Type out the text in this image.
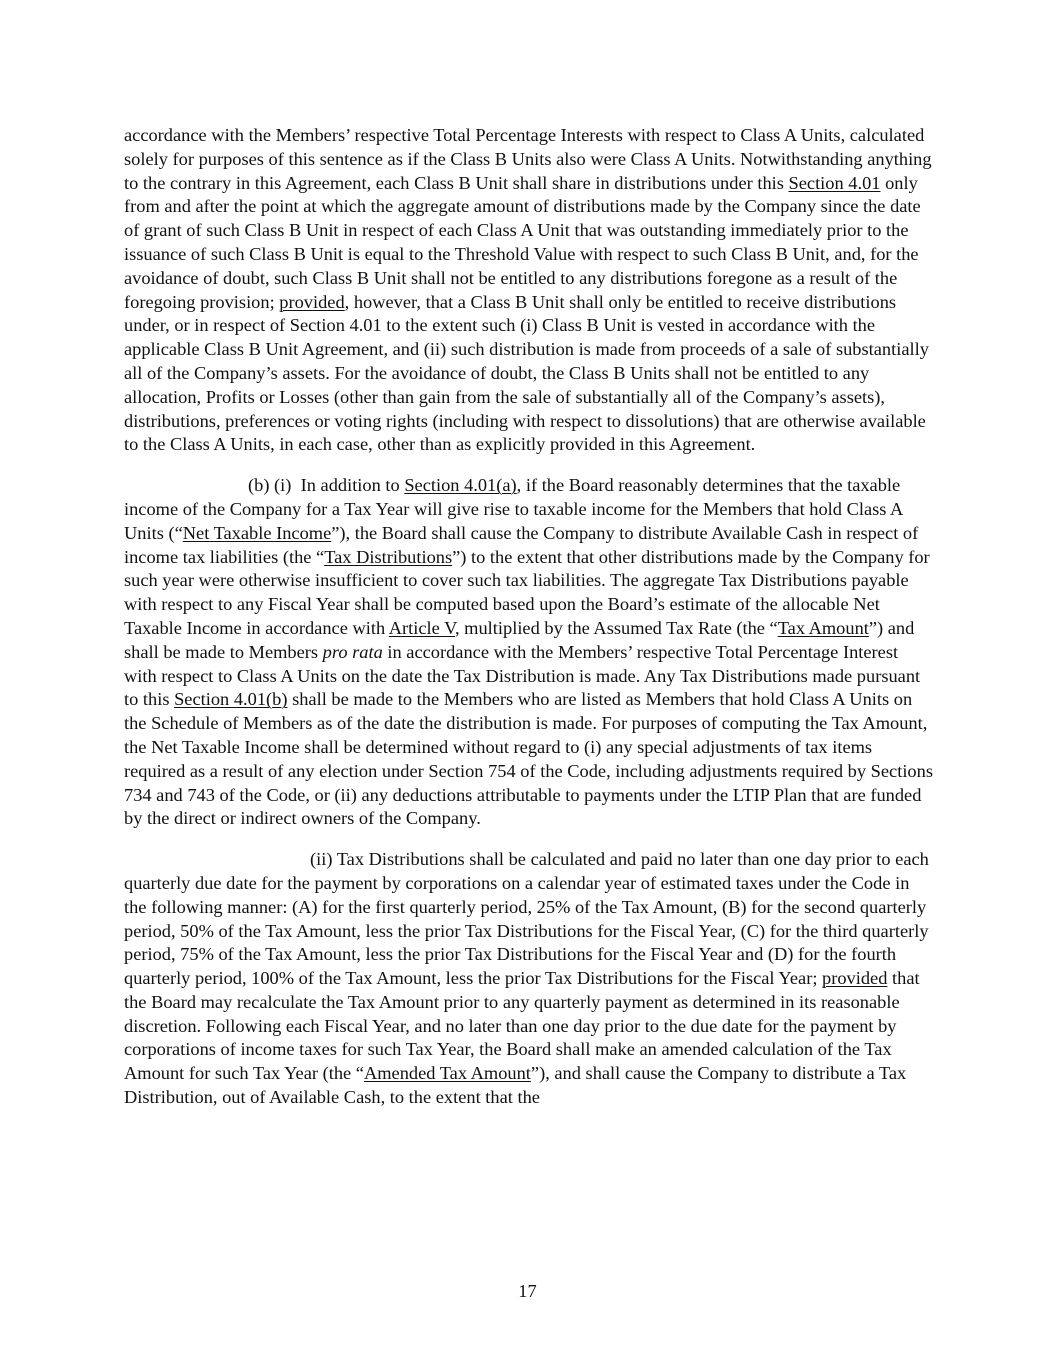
accordance with the Members’ respective Total Percentage Interests with respect to Class A Units, calculated solely for purposes of this sentence as if the Class B Units also were Class A Units. Notwithstanding anything to the contrary in this Agreement, each Class B Unit shall share in distributions under this Section 4.01 only from and after the point at which the aggregate amount of distributions made by the Company since the date of grant of such Class B Unit in respect of each Class A Unit that was outstanding immediately prior to the issuance of such Class B Unit is equal to the Threshold Value with respect to such Class B Unit, and, for the avoidance of doubt, such Class B Unit shall not be entitled to any distributions foregone as a result of the foregoing provision; provided, however, that a Class B Unit shall only be entitled to receive distributions under, or in respect of Section 4.01 to the extent such (i) Class B Unit is vested in accordance with the applicable Class B Unit Agreement, and (ii) such distribution is made from proceeds of a sale of substantially all of the Company’s assets. For the avoidance of doubt, the Class B Units shall not be entitled to any allocation, Profits or Losses (other than gain from the sale of substantially all of the Company’s assets), distributions, preferences or voting rights (including with respect to dissolutions) that are otherwise available to the Class A Units, in each case, other than as explicitly provided in this Agreement.

(b) (i) In addition to Section 4.01(a), if the Board reasonably determines that the taxable income of the Company for a Tax Year will give rise to taxable income for the Members that hold Class A Units (“Net Taxable Income”), the Board shall cause the Company to distribute Available Cash in respect of income tax liabilities (the “Tax Distributions”) to the extent that other distributions made by the Company for such year were otherwise insufficient to cover such tax liabilities. The aggregate Tax Distributions payable with respect to any Fiscal Year shall be computed based upon the Board’s estimate of the allocable Net Taxable Income in accordance with Article V, multiplied by the Assumed Tax Rate (the “Tax Amount”) and shall be made to Members pro rata in accordance with the Members’ respective Total Percentage Interest with respect to Class A Units on the date the Tax Distribution is made. Any Tax Distributions made pursuant to this Section 4.01(b) shall be made to the Members who are listed as Members that hold Class A Units on the Schedule of Members as of the date the distribution is made. For purposes of computing the Tax Amount, the Net Taxable Income shall be determined without regard to (i) any special adjustments of tax items required as a result of any election under Section 754 of the Code, including adjustments required by Sections 734 and 743 of the Code, or (ii) any deductions attributable to payments under the LTIP Plan that are funded by the direct or indirect owners of the Company.

(ii) Tax Distributions shall be calculated and paid no later than one day prior to each quarterly due date for the payment by corporations on a calendar year of estimated taxes under the Code in the following manner: (A) for the first quarterly period, 25% of the Tax Amount, (B) for the second quarterly period, 50% of the Tax Amount, less the prior Tax Distributions for the Fiscal Year, (C) for the third quarterly period, 75% of the Tax Amount, less the prior Tax Distributions for the Fiscal Year and (D) for the fourth quarterly period, 100% of the Tax Amount, less the prior Tax Distributions for the Fiscal Year; provided that the Board may recalculate the Tax Amount prior to any quarterly payment as determined in its reasonable discretion. Following each Fiscal Year, and no later than one day prior to the due date for the payment by corporations of income taxes for such Tax Year, the Board shall make an amended calculation of the Tax Amount for such Tax Year (the “Amended Tax Amount”), and shall cause the Company to distribute a Tax Distribution, out of Available Cash, to the extent that the

17
